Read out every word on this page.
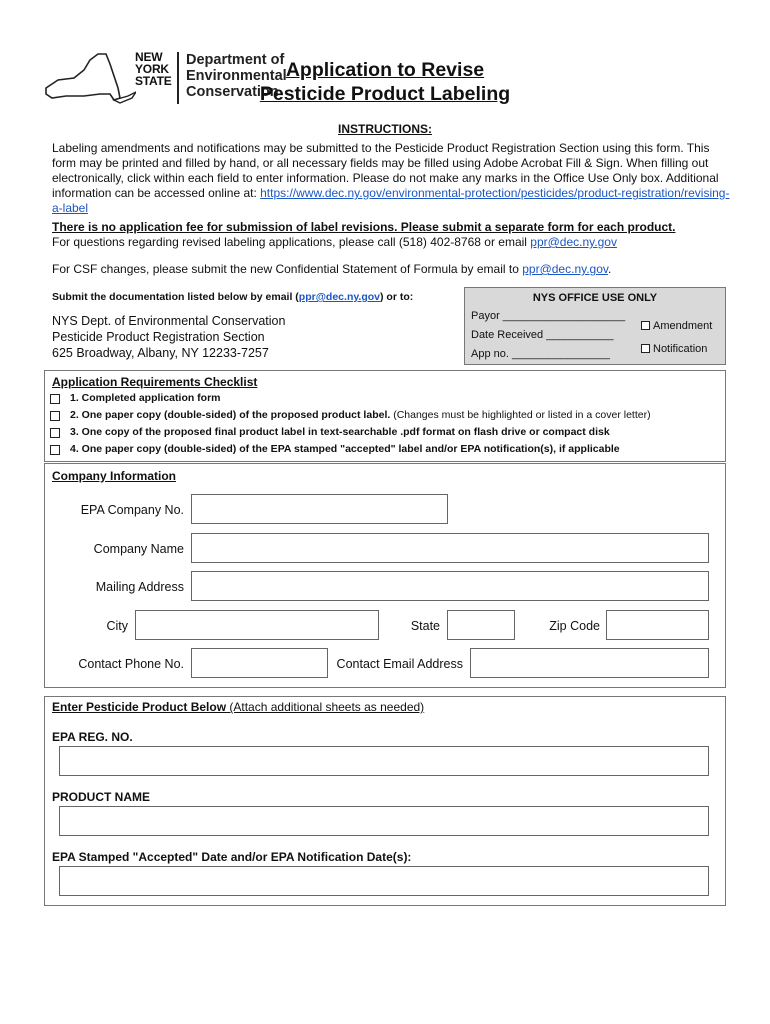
NEW
YORK
STATE
Department of
Environmental
Conservation
Application to Revise
Pesticide Product Labeling
INSTRUCTIONS:
Labeling amendments and notifications may be submitted to the Pesticide Product Registration Section using this form. This form may be printed and filled by hand, or all necessary fields may be filled using Adobe Acrobat Fill & Sign. When filling out electronically, click within each field to enter information. Please do not make any marks in the Office Use Only box. Additional information can be accessed online at: https://www.dec.ny.gov/environmental-protection/pesticides/product-registration/revising-a-label
There is no application fee for submission of label revisions. Please submit a separate form for each product.
For questions regarding revised labeling applications, please call (518) 402-8768 or email ppr@dec.ny.gov
For CSF changes, please submit the new Confidential Statement of Formula by email to ppr@dec.ny.gov.
Submit the documentation listed below by email (ppr@dec.ny.gov) or to:
NYS Dept. of Environmental Conservation
Pesticide Product Registration Section
625 Broadway, Albany, NY 12233-7257
NYS OFFICE USE ONLY
Payor ____________________
Date Received ___________
App no. ________________
Amendment
Notification
Application Requirements Checklist
1. Completed application form
2. One paper copy (double-sided) of the proposed product label. (Changes must be highlighted or listed in a cover letter)
3. One copy of the proposed final product label in text-searchable .pdf format on flash drive or compact disk
4. One paper copy (double-sided) of the EPA stamped "accepted" label and/or EPA notification(s), if applicable
Company Information
EPA Company No.
Company Name
Mailing Address
City	State	Zip Code
Contact Phone No.	Contact Email Address
Enter Pesticide Product Below (Attach additional sheets as needed)
EPA REG. NO.
PRODUCT NAME
EPA Stamped "Accepted" Date and/or EPA Notification Date(s):
